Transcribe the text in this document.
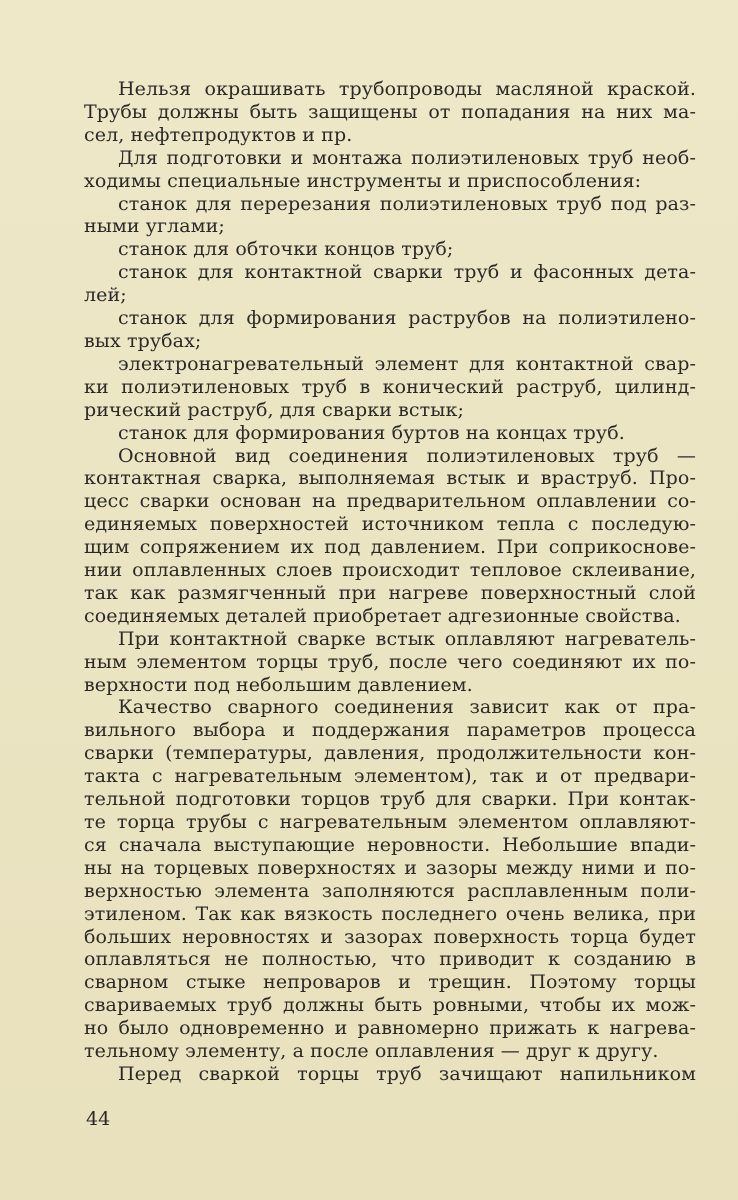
Нельзя окрашивать трубопроводы масляной краской.
Трубы должны быть защищены от попадания на них ма-
сел, нефтепродуктов и пр.
Для подготовки и монтажа полиэтиленовых труб необ-
ходимы специальные инструменты и приспособления:
станок для перерезания полиэтиленовых труб под раз-
ными углами;
станок для обточки концов труб;
станок для контактной сварки труб и фасонных дета-
лей;
станок для формирования раструбов на полиэтилено-
вых трубах;
электронагревательный элемент для контактной свар-
ки полиэтиленовых труб в конический раструб, цилинд-
рический раструб, для сварки встык;
станок для формирования буртов на концах труб.
Основной вид соединения полиэтиленовых труб —
контактная сварка, выполняемая встык и враструб. Про-
цесс сварки основан на предварительном оплавлении со-
единяемых поверхностей источником тепла с последую-
щим сопряжением их под давлением. При соприкоснове-
нии оплавленных слоев происходит тепловое склеивание,
так как размягченный при нагреве поверхностный слой
соединяемых деталей приобретает адгезионные свойства.
При контактной сварке встык оплавляют нагреватель-
ным элементом торцы труб, после чего соединяют их по-
верхности под небольшим давлением.
Качество сварного соединения зависит как от пра-
вильного выбора и поддержания параметров процесса
сварки (температуры, давления, продолжительности кон-
такта с нагревательным элементом), так и от предвари-
тельной подготовки торцов труб для сварки. При контак-
те торца трубы с нагревательным элементом оплавляют-
ся сначала выступающие неровности. Небольшие впади-
ны на торцевых поверхностях и зазоры между ними и по-
верхностью элемента заполняются расплавленным поли-
этиленом. Так как вязкость последнего очень велика, при
больших неровностях и зазорах поверхность торца будет
оплавляться не полностью, что приводит к созданию в
сварном стыке непроваров и трещин. Поэтому торцы
свариваемых труб должны быть ровными, чтобы их мож-
но было одновременно и равномерно прижать к нагрева-
тельному элементу, а после оплавления — друг к другу.
Перед сваркой торцы труб зачищают напильником
44
